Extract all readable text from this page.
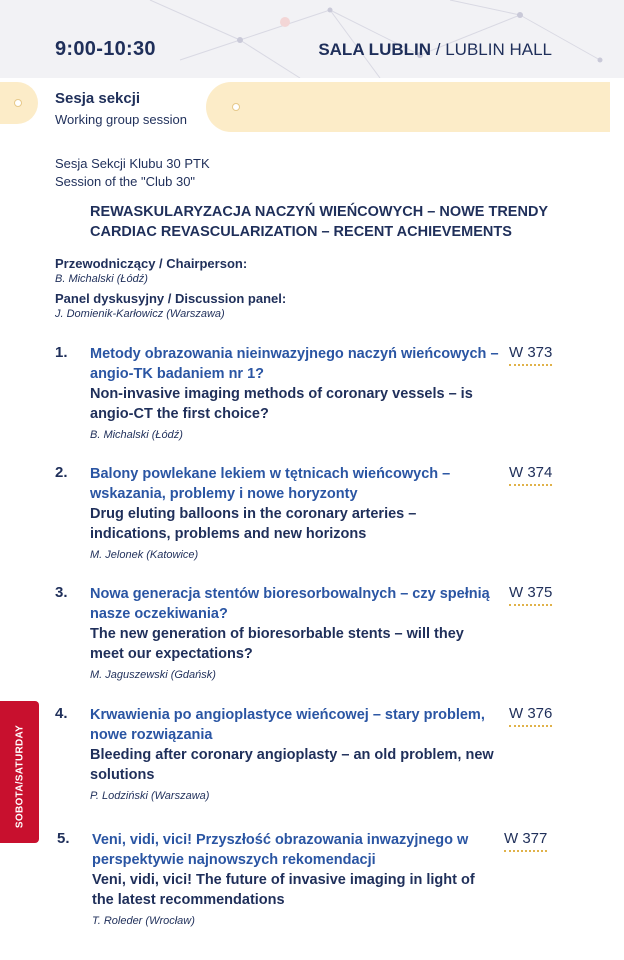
9:00-10:30	SALA LUBLIN / LUBLIN HALL
Sesja sekcji
Working group session
Sesja Sekcji Klubu 30 PTK
Session of the "Club 30"
REWASKULARYZACJA NACZYŃ WIEŃCOWYCH – NOWE TRENDY
CARDIAC REVASCULARIZATION – RECENT ACHIEVEMENTS
Przewodniczący / Chairperson:
B. Michalski (Łódź)
Panel dyskusyjny / Discussion panel:
J. Domienik-Karłowicz (Warszawa)
1. Metody obrazowania nieinwazyjnego naczyń wieńcowych – angio-TK badaniem nr 1?
Non-invasive imaging methods of coronary vessels – is angio-CT the first choice?
B. Michalski (Łódź)
W 373
2. Balony powlekane lekiem w tętnicach wieńcowych – wskazania, problemy i nowe horyzonty
Drug eluting balloons in the coronary arteries – indications, problems and new horizons
M. Jelonek (Katowice)
W 374
3. Nowa generacja stentów bioresorbowalnych – czy spełnią nasze oczekiwania?
The new generation of bioresorbable stents – will they meet our expectations?
M. Jaguszewski (Gdańsk)
W 375
4. Krwawienia po angioplastyce wieńcowej – stary problem, nowe rozwiązania
Bleeding after coronary angioplasty – an old problem, new solutions
P. Lodziński (Warszawa)
W 376
5. Veni, vidi, vici! Przyszłość obrazowania inwazyjnego w perspektywie najnowszych rekomendacji
Veni, vidi, vici! The future of invasive imaging in light of the latest recommendations
T. Roleder (Wrocław)
W 377
SOBOTA/SATURDAY
